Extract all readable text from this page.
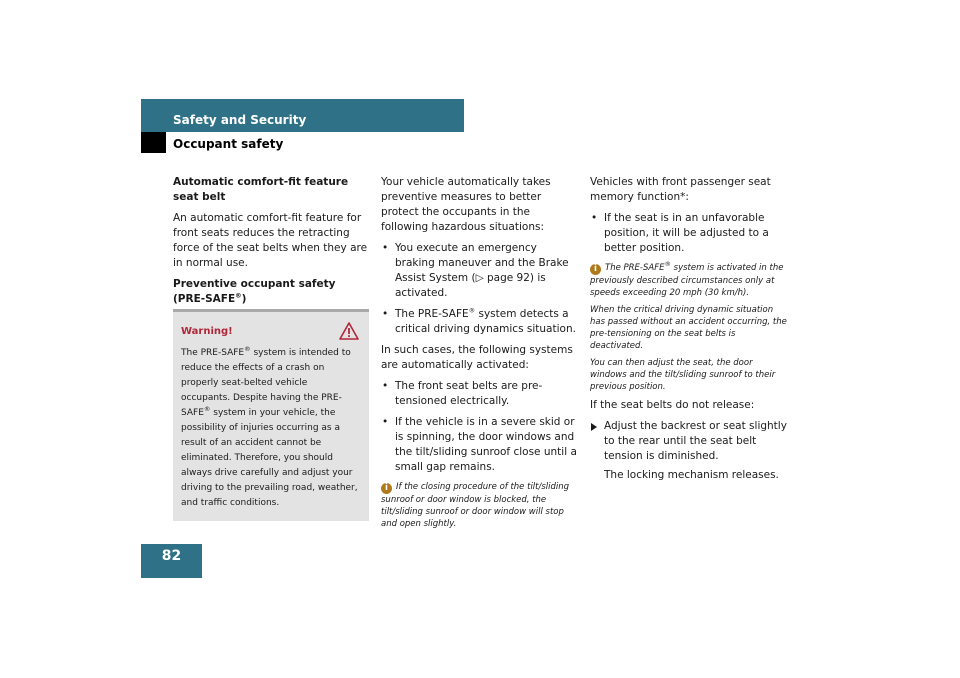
Safety and Security
Occupant safety

Automatic comfort-fit feature seat belt

An automatic comfort-fit feature for front seats reduces the retracting force of the seat belts when they are in normal use.

Preventive occupant safety
(PRE-SAFE®)

Warning!

The PRE-SAFE® system is intended to reduce the effects of a crash on properly seat-belted vehicle occupants. Despite having the PRE-SAFE® system in your vehicle, the possibility of injuries occurring as a result of an accident cannot be eliminated. Therefore, you should always drive carefully and adjust your driving to the prevailing road, weather, and traffic conditions.

Your vehicle automatically takes preventive measures to better protect the occupants in the following hazardous situations:

• You execute an emergency braking maneuver and the Brake Assist System (▷ page 92) is activated.
• The PRE-SAFE® system detects a critical driving dynamics situation.

In such cases, the following systems are automatically activated:

• The front seat belts are pre-tensioned electrically.
• If the vehicle is in a severe skid or is spinning, the door windows and the tilt/sliding sunroof close until a small gap remains.

i If the closing procedure of the tilt/sliding sunroof or door window is blocked, the tilt/sliding sunroof or door window will stop and open slightly.

Vehicles with front passenger seat memory function*:

• If the seat is in an unfavorable position, it will be adjusted to a better position.

i The PRE-SAFE® system is activated in the previously described circumstances only at speeds exceeding 20 mph (30 km/h).

When the critical driving dynamic situation has passed without an accident occurring, the pre-tensioning on the seat belts is deactivated.

You can then adjust the seat, the door windows and the tilt/sliding sunroof to their previous position.

If the seat belts do not release:

Adjust the backrest or seat slightly to the rear until the seat belt tension is diminished.

The locking mechanism releases.

82
